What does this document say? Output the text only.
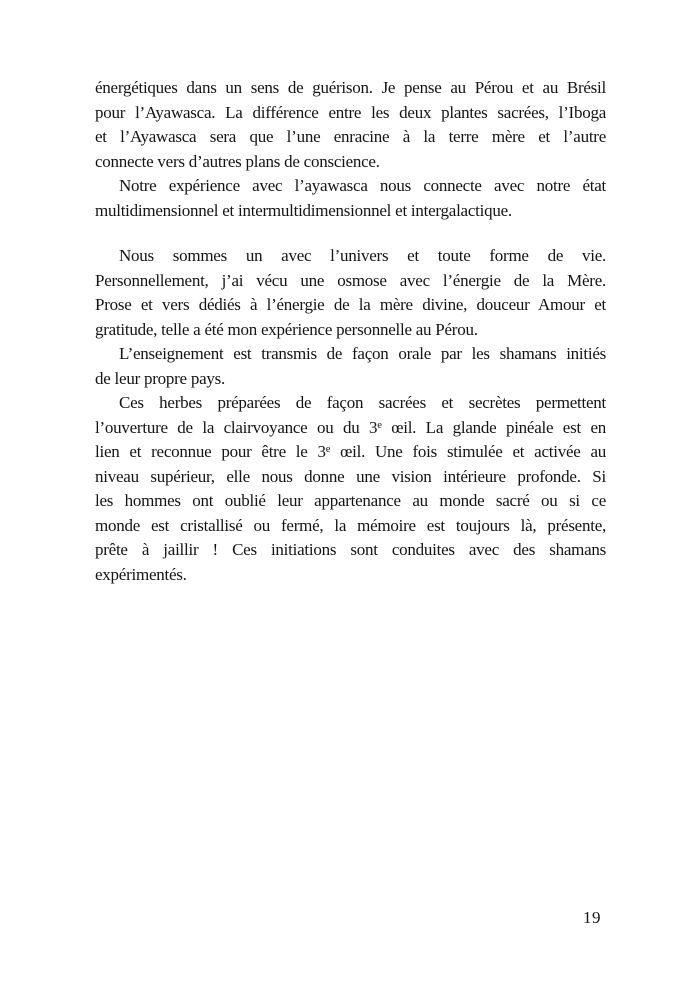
énergétiques dans un sens de guérison. Je pense au Pérou et au Brésil
pour l’Ayawasca. La différence entre les deux plantes sacrées, l’Iboga
et l’Ayawasca sera que l’une enracine à la terre mère et l’autre
connecte vers d’autres plans de conscience.
Notre expérience avec l’ayawasca nous connecte avec notre état
multidimensionnel et intermultidimensionnel et intergalactique.
Nous sommes un avec l’univers et toute forme de vie.
Personnellement, j’ai vécu une osmose avec l’énergie de la Mère.
Prose et vers dédiés à l’énergie de la mère divine, douceur Amour et
gratitude, telle a été mon expérience personnelle au Pérou.
L’enseignement est transmis de façon orale par les shamans initiés
de leur propre pays.
Ces herbes préparées de façon sacrées et secrètes permettent
l’ouverture de la clairvoyance ou du 3e œil. La glande pinéale est en
lien et reconnue pour être le 3e œil. Une fois stimulée et activée au
niveau supérieur, elle nous donne une vision intérieure profonde. Si
les hommes ont oublié leur appartenance au monde sacré ou si ce
monde est cristallisé ou fermé, la mémoire est toujours là, présente,
prête à jaillir ! Ces initiations sont conduites avec des shamans
expérimentés.
19
